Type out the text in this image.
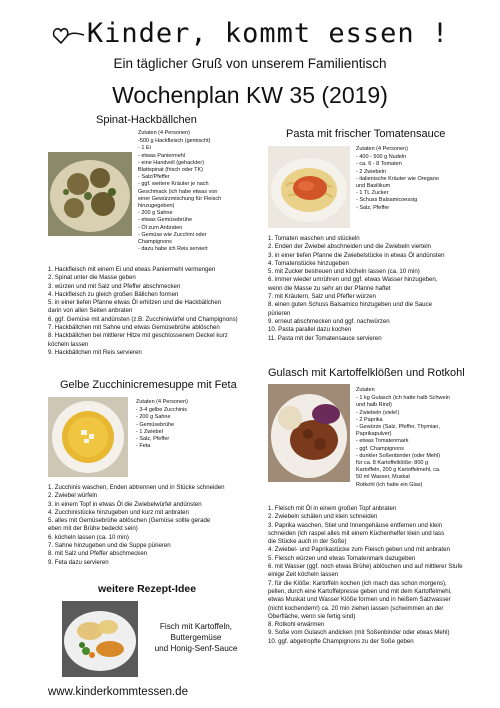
Kinder, kommt essen !
Ein täglicher Gruß von unserem Familientisch
Wochenplan KW 35 (2019)
Spinat-Hackbällchen
Zutaten (4 Personen)
-500 g Hackfleisch (gemischt)
- 1 Ei
- etwas Paniermehl
- eine Handvoll (gehackter)
Blattspinat (frisch oder TK)
- Salz/Pfeffer
- ggf. weitere Kräuter je nach
Geschmack (ich habe etwas von
einer Gewürzmischung für Fleisch
hinzugegeben)
- 200 g Sahne
- etwas Gemüsebrühe
- Öl zum Anbraten
- Gemüse wie Zucchini oder
Champignons
- dazu habe ich Reis serviert
1. Hackfleisch mit einem Ei und etwas Paniermehl vermengen
2. Spinat unter die Masse geben
3. würzen und mit Salz und Pfeffer abschmecken
4. Hackfleisch zu gleich großen Bällchen formen
5. in einer tiefen Pfanne etwas Öl erhitzen und die Hackbällchen
darin von allen Seiten anbraten
6. ggf. Gemüse mit andünsten (z.B. Zucchiniwürfel und Champignons)
7. Hackbällchen mit Sahne und etwas Gemüsebrühe ablöschen
8. Hackbällchen bei mittlerer Hitze mit geschlossenem Deckel kurz
köcheln lassen
9. Hackbällchen mit Reis servieren
Pasta mit frischer Tomatensauce
Zutaten (4 Personen)
- 400 - 500 g Nudeln
- ca. 6 - 8 Tomaten
- 2 Zwiebeln
- italienische Kräuter wie Oregano
und Basilikum
- 1 TL Zucker
- Schuss Balsamicoessig
- Salz, Pfeffer
1. Tomaten waschen und stückeln
2. Enden der Zwiebel abschneiden und die Zwiebeln vierteln
3. in einer tiefen Pfanne die Zwiebelstücke in etwas Öl andünsten
4. Tomatenstücke hinzugeben
5. mit Zucker bestreuen und köcheln lassen (ca. 10 min)
6. immer wieder umrühren und ggf. etwas Wasser hinzugeben,
wenn die Masse zu sehr an der Pfanne haftet
7. mit Kräutern, Salz und Pfeffer würzen
8. einen guten Schuss Balsamico hinzugeben und die Sauce
pürieren
9. erneut abschmecken und ggf. nachwürzen
10. Pasta parallel dazu kochen
11. Pasta mit der Tomatensauce servieren
Gelbe Zucchinicremesuppe mit Feta
Zutaten (4 Personen)
- 3-4 gelbe Zucchinis
- 200 g Sahne
- Gemüsebrühe
- 1 Zwiebel
- Salz, Pfeffer
- Feta
1. Zucchinis waschen, Enden abtrennen und in Stücke schneiden
2. Zwiebel würfeln
3. in einem Topf in etwas Öl die Zwiebelwürfel andünsten
4. Zucchinistücke hinzugeben und kurz mit anbraten
5. alles mit Gemüsebrühe ablöschen (Gemüse sollte gerade
eben mit der Brühe bedeckt sein)
6. köcheln lassen (ca. 10 min)
7. Sahne hinzugeben und die Suppe pürieren
8. mit Salz und Pfeffer abschmecken
9. Feta dazu servieren
weitere Rezept-Idee
Fisch mit Kartoffeln,
Buttergemüse
und Honig-Senf-Sauce
Gulasch mit Kartoffelklößen und Rotkohl
Zutaten
- 1 kg Gulasch (ich hatte halb Schwein
und halb Rind)
- Zwiebeln (viele!)
- 2 Paprika
- Gewürze (Salz, Pfeffer, Thymian,
Paprikapulver)
- etwas Tomatenmark
- ggf. Champignons
- dunkler Soßenbinder (oder Mehl)
für ca. 8 Kartoffelklöße: 800 g
Kartoffeln, 200 g Kartoffelmehl, ca.
50 ml Wasser, Muskat
Rotkohl (ich hatte ein Glas)
1. Fleisch mit Öl in einem großen Topf anbraten
2. Zwiebeln schälen und klein schneiden
3. Paprika waschen, Stiel und Innengehäuse entfernen und klein
schneiden (ich raspel alles mit einem Küchenhelfer klein und lass
die Stücke auch in der Soße)
4. Zwiebel- und Paprikastücke zum Fleisch geben und mit anbraten
5. Fleisch würzen und etwas Tomatenmark dazugeben
6. mit Wasser (ggf. noch etwas Brühe) ablöschen und auf mittlerer Stufe
einige Zeit köcheln lassen
7. für die Klöße: Kartoffeln kochen (ich mach das schon morgens),
pellen, durch eine Kartoffelpresse geben und mit dem Kartoffelmehl,
etwas Muskat und Wasser Klöße formen und in heißem Salzwasser
(nicht kochendem!) ca. 20 min ziehen lassen (schwimmen an der
Oberfläche, wenn sie fertig sind)
8. Rotkohl erwärmen
9. Soße vom Gulasch andicken (mit Soßenbinder oder etwas Mehl)
10. ggf. abgetropfte Champignons zu der Soße geben
www.kinderkommtessen.de
